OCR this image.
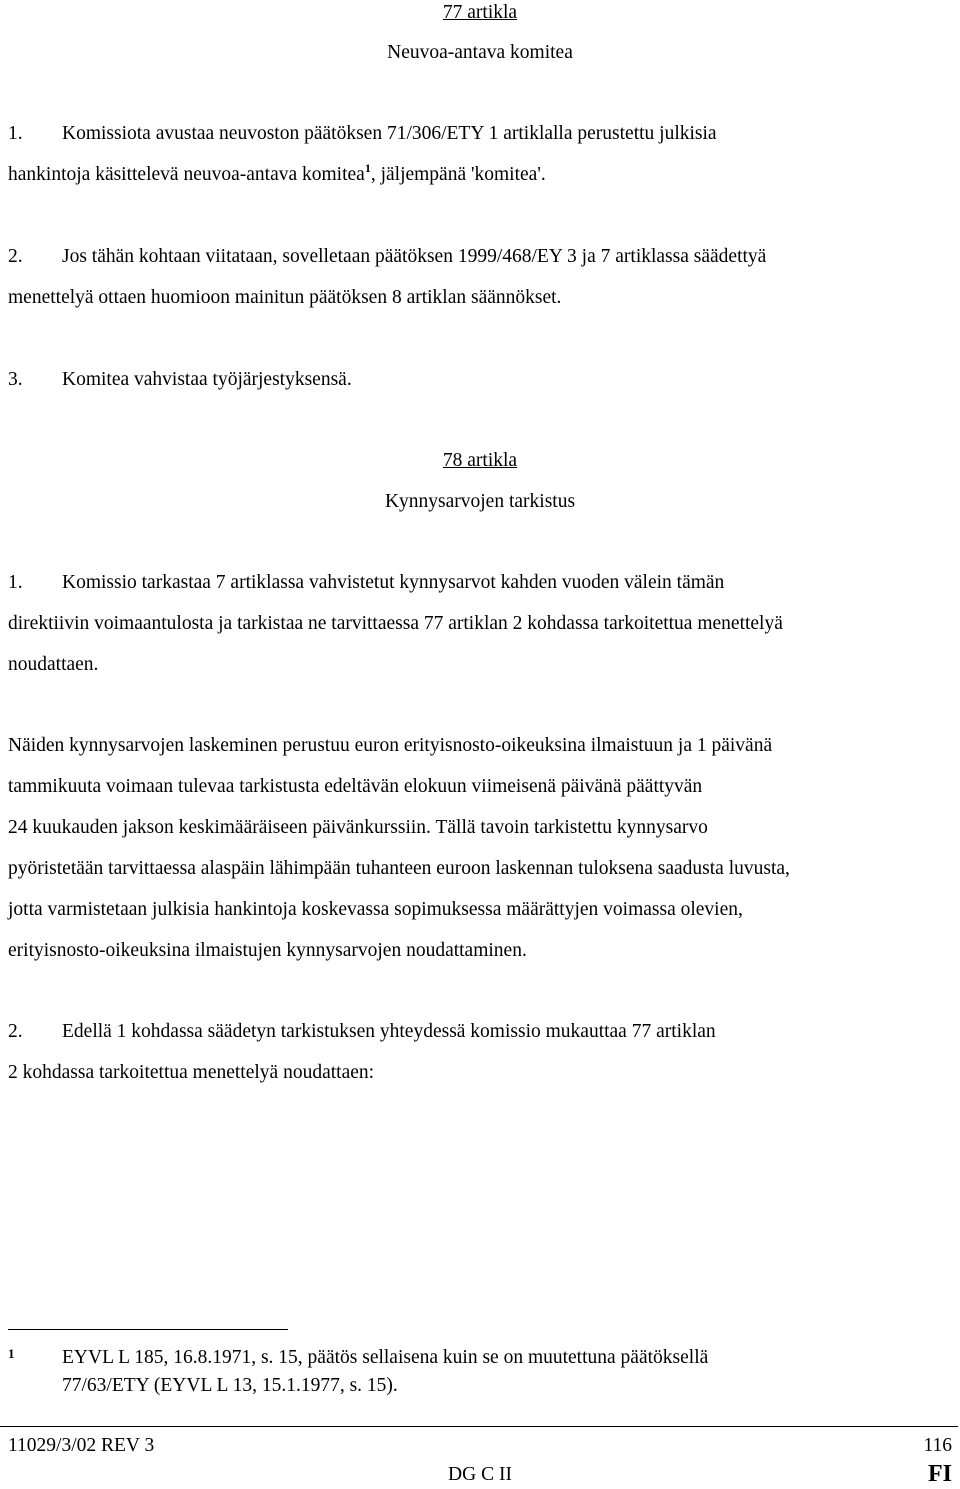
77 artikla
Neuvoa-antava komitea
1. Komissiota avustaa neuvoston päätöksen 71/306/ETY 1 artiklalla perustettu julkisia
hankintoja käsittelevä neuvoa-antava komitea$^1$, jäljempänä 'komitea'.
2. Jos tähän kohtaan viitataan, sovelletaan päätöksen 1999/468/EY 3 ja 7 artiklassa säädettyä
menettelyä ottaen huomioon mainitun päätöksen 8 artiklan säännökset.
3. Komitea vahvistaa työjärjestyksensä.
78 artikla
Kynnysarvojen tarkistus
1. Komissio tarkastaa 7 artiklassa vahvistetut kynnysarvot kahden vuoden välein tämän
direktiivin voimaantulosta ja tarkistaa ne tarvittaessa 77 artiklan 2 kohdassa tarkoitettua menettelyä
noudattaen.
Näiden kynnysarvojen laskeminen perustuu euron erityisnosto-oikeuksina ilmaistuun ja 1 päivänä
tammikuuta voimaan tulevaa tarkistusta edeltävän elokuun viimeisenä päivänä päättyvän
24 kuukauden jakson keskimääräiseen päivänkurssiin. Tällä tavoin tarkistettu kynnysarvo
pyöristetään tarvittaessa alaspäin lähimpään tuhanteen euroon laskennan tuloksena saadusta luvusta,
jotta varmistetaan julkisia hankintoja koskevassa sopimuksessa määrättyjen voimassa olevien,
erityisnosto-oikeuksina ilmaistujen kynnysarvojen noudattaminen.
2. Edellä 1 kohdassa säädetyn tarkistuksen yhteydessä komissio mukauttaa 77 artiklan
2 kohdassa tarkoitettua menettelyä noudattaen:
1 EYVL L 185, 16.8.1971, s. 15, päätös sellaisena kuin se on muutettuna päätöksellä
77/63/ETY (EYVL L 13, 15.1.1977, s. 15).
11029/3/02 REV 3	116
DG C II	FI
